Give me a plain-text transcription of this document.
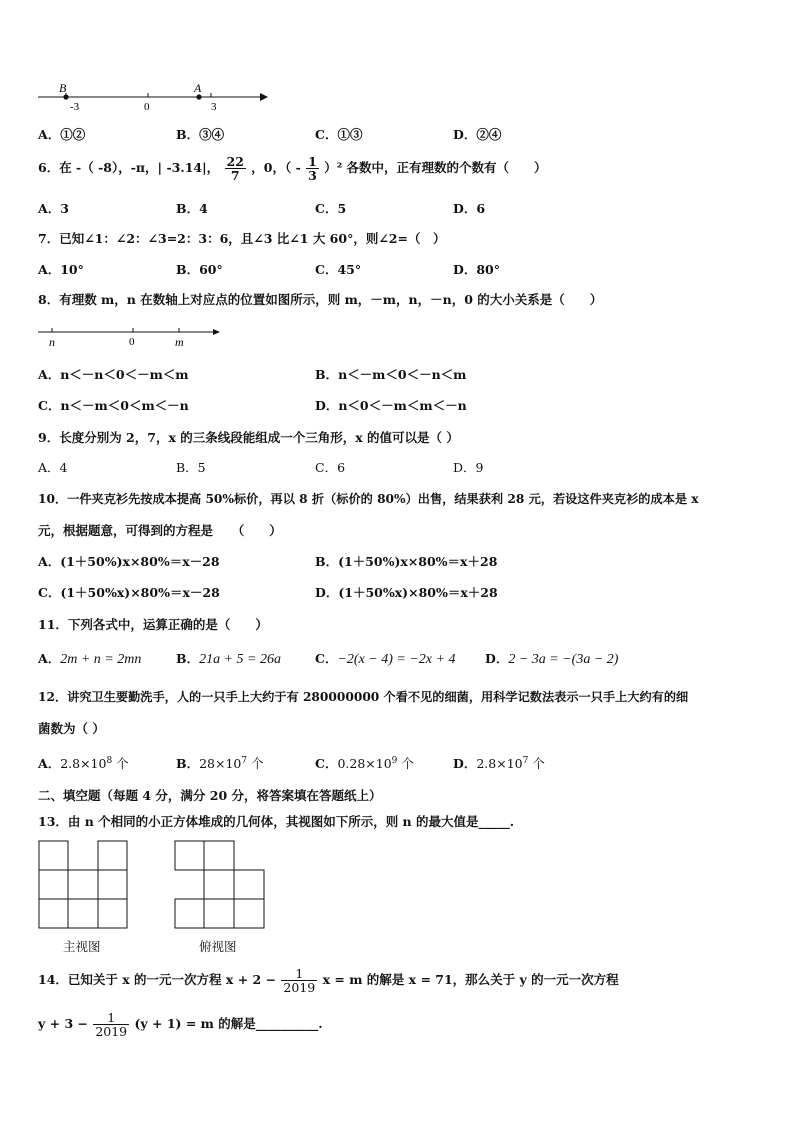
B	A
-3	0	3
A．①②	B．③④	C．①③	D．②④
6．在 -（ -8），-π，| -3.14|， $\frac{22}{7}$ ，0，（ - $\frac{1}{3} )^2$ 各数中，正有理数的个数有（　　）
A．3	B．4	C．5	D．6
7．已知∠1：∠2：∠3=2：3：6，且∠3 比∠1 大 60°，则∠2=（　）
A．10°	B．60°	C．45°	D．80°
8．有理数 m，n 在数轴上对应点的位置如图所示，则 m，－m，n，－n，0 的大小关系是（　　）
n	0	m
A．n＜－n＜0＜－m＜m	B．n＜－m＜0＜－n＜m
C．n＜－m＜0＜m＜－n	D．n＜0＜－m＜m＜－n
9．长度分别为 2，7，x 的三条线段能组成一个三角形，x 的值可以是（ ）
A．4	B．5	C．6	D．9
10．一件夹克衫先按成本提高 50%标价，再以 8 折（标价的 80%）出售，结果获利 28 元，若设这件夹克衫的成本是 x
元，根据题意，可得到的方程是　　（　　）
A．(1＋50%)x×80%＝x－28	B．(1＋50%)x×80%＝x＋28
C．(1＋50%x)×80%＝x－28	D．(1＋50%x)×80%＝x＋28
11．下列各式中，运算正确的是（　　）
A．2m + n = 2mn	B．21a + 5 = 26a	C．−2(x − 4) = −2x + 4 D．2 − 3a = −(3a − 2)
12．讲究卫生要勤洗手，人的一只手上大约于有 280000000 个看不见的细菌，用科学记数法表示一只手上大约有的细
菌数为（ ）
A．$2.8\times 10^8$ 个	B．$28\times 10^7$ 个	C．$0.28\times 10^9$ 个	D．$2.8\times 10^7$ 个
二、填空题（每题 4 分，满分 20 分，将答案填在答题纸上）
13．由 n 个相同的小正方体堆成的几何体，其视图如下所示，则 n 的最大值是_____.
主视图	俯视图
14．已知关于 x 的一元一次方程 $x + 2 - \frac{1}{2019}$ x = m 的解是 x = 71，那么关于 y 的一元一次方程
$y + 3 - \frac{1}{2019} (y + 1) = m$ 的解是__________.
